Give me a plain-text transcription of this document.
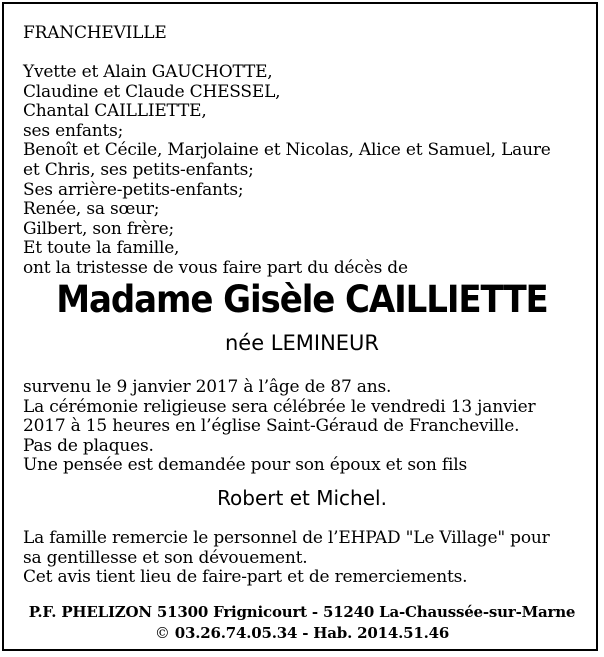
FRANCHEVILLE
Yvette et Alain GAUCHOTTE,
Claudine et Claude CHESSEL,
Chantal CAILLIETTE,
ses enfants;
Benoît et Cécile, Marjolaine et Nicolas, Alice et Samuel, Laure
et Chris, ses petits-enfants;
Ses arrière-petits-enfants;
Renée, sa sœur;
Gilbert, son frère;
Et toute la famille,
ont la tristesse de vous faire part du décès de
Madame Gisèle CAILLIETTE
née LEMINEUR
survenu le 9 janvier 2017 à l’âge de 87 ans.
La cérémonie religieuse sera célébrée le vendredi 13 janvier
2017 à 15 heures en l’église Saint-Géraud de Francheville.
Pas de plaques.
Une pensée est demandée pour son époux et son fils
Robert et Michel.
La famille remercie le personnel de l’EHPAD "Le Village" pour
sa gentillesse et son dévouement.
Cet avis tient lieu de faire-part et de remerciements.
P.F. PHELIZON 51300 Frignicourt - 51240 La-Chaussée-sur-Marne
© 03.26.74.05.34 - Hab. 2014.51.46
